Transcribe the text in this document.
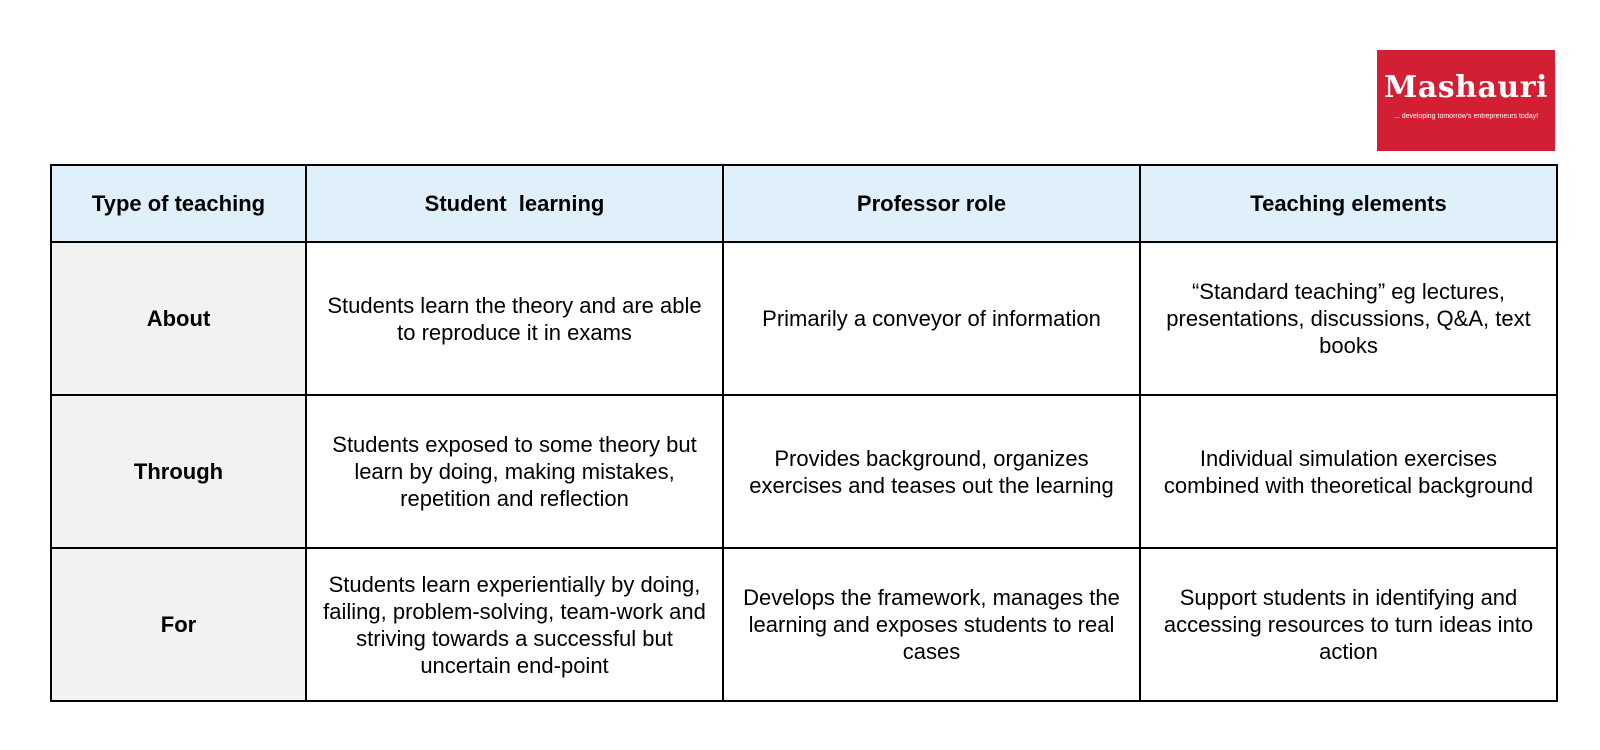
Mashauri
... developing tomorrow's entrepreneurs today!
Type of teaching	Student  learning	Professor role	Teaching elements
About	Students learn the theory and are able to reproduce it in exams	Primarily a conveyor of information	“Standard teaching” eg lectures, presentations, discussions, Q&A, text books
Through	Students exposed to some theory but learn by doing, making mistakes, repetition and reflection	Provides background, organizes exercises and teases out the learning	Individual simulation exercises combined with theoretical background
For	Students learn experientially by doing, failing, problem-solving, team-work and striving towards a successful but uncertain end-point	Develops the framework, manages the learning and exposes students to real cases	Support students in identifying and accessing resources to turn ideas into action
